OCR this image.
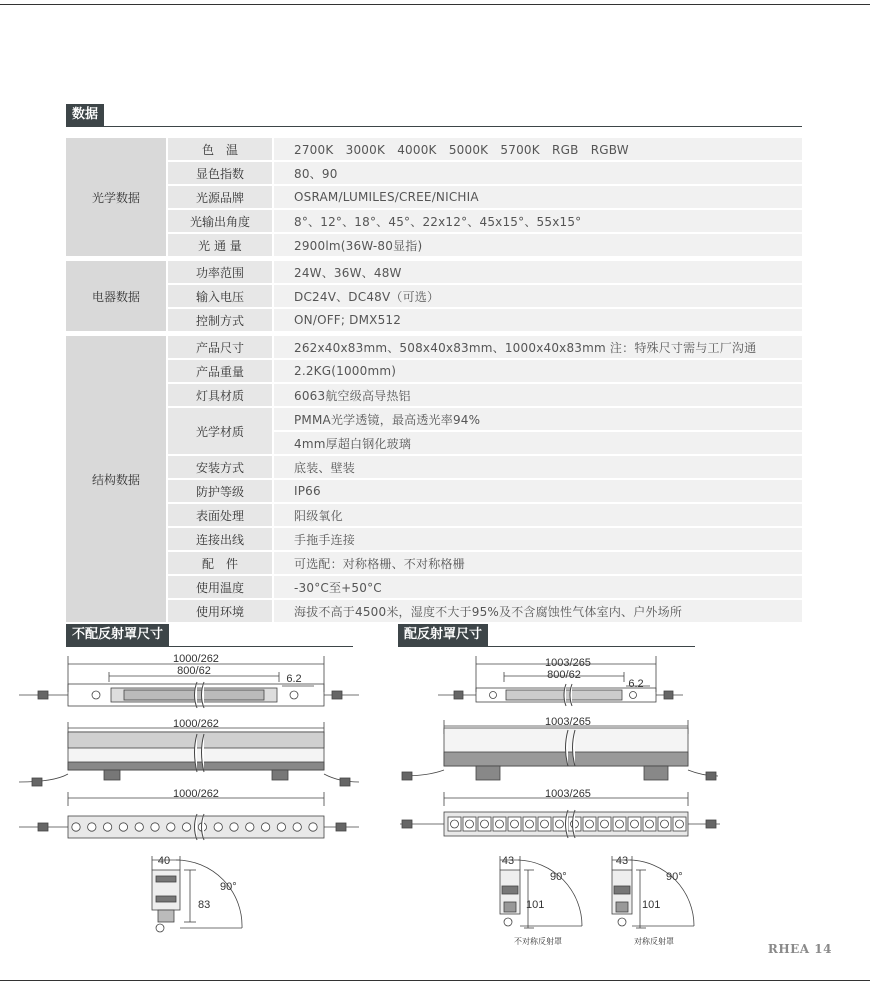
数据
光学数据	色　温	2700K　3000K　4000K　5000K　5700K　RGB　RGBW
	显色指数	80、90
	光源品牌	OSRAM/LUMILES/CREE/NICHIA
	光输出角度	8°、12°、18°、45°、22x12°、45x15°、55x15°
	光 通 量	2900lm(36W-80显指)

电器数据	功率范围	24W、36W、48W
	输入电压	DC24V、DC48V（可选）
	控制方式	ON/OFF; DMX512

结构数据	产品尺寸	262x40x83mm、508x40x83mm、1000x40x83mm 注：特殊尺寸需与工厂沟通
	产品重量	2.2KG(1000mm)
	灯具材质	6063航空级高导热铝
	光学材质	PMMA光学透镜，最高透光率94%
		4mm厚超白钢化玻璃
	安装方式	底装、壁装
	防护等级	IP66
	表面处理	阳级氧化
	连接出线	手拖手连接
	配　件	可选配：对称格栅、不对称格栅
	使用温度	-30°C至+50°C
	使用环境	海拔不高于4500米，湿度不大于95%及不含腐蚀性气体室内、户外场所
不配反射罩尺寸	配反射罩尺寸
1000/262
800/62
6.2
1000/262
1000/262
40
83
90°
1003/265
800/62
6.2
1003/265
1003/265
43
101
90°
不对称反射罩
43
101
90°
对称反射罩
RHEA 14
